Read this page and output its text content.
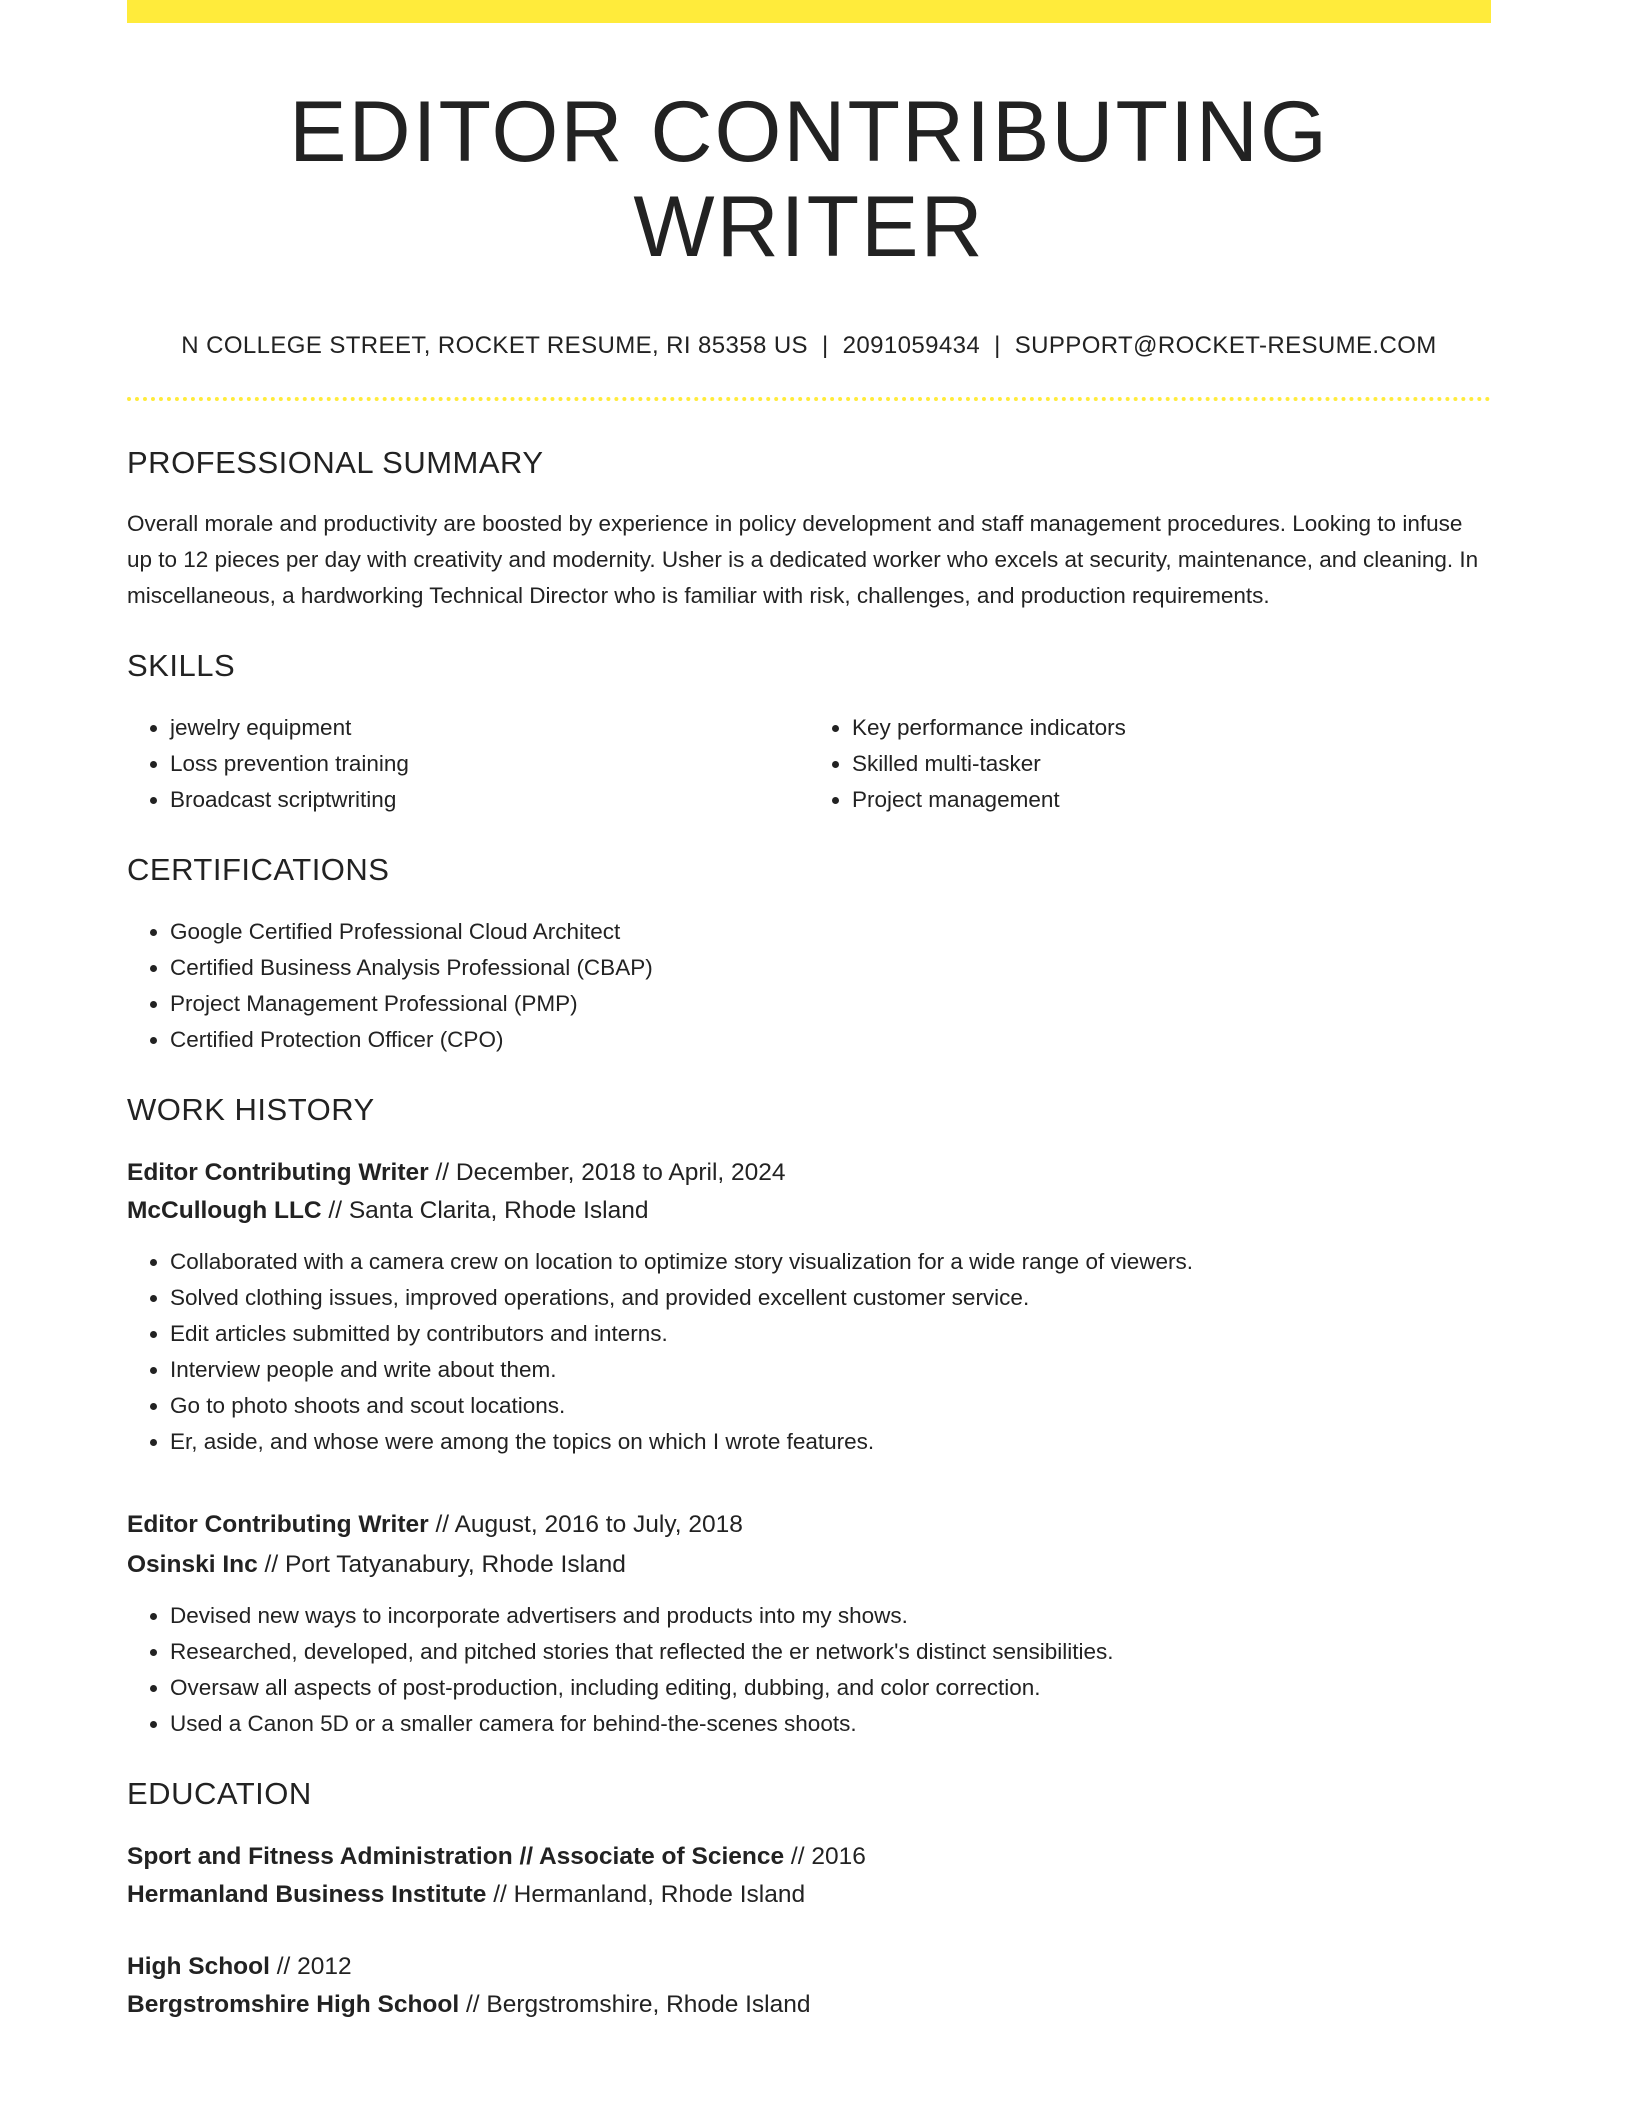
EDITOR CONTRIBUTING WRITER
N COLLEGE STREET, ROCKET RESUME, RI 85358 US | 2091059434 | SUPPORT@ROCKET-RESUME.COM
PROFESSIONAL SUMMARY
Overall morale and productivity are boosted by experience in policy development and staff management procedures. Looking to infuse up to 12 pieces per day with creativity and modernity. Usher is a dedicated worker who excels at security, maintenance, and cleaning. In miscellaneous, a hardworking Technical Director who is familiar with risk, challenges, and production requirements.
SKILLS
• jewelry equipment
• Loss prevention training
• Broadcast scriptwriting
• Key performance indicators
• Skilled multi-tasker
• Project management
CERTIFICATIONS
• Google Certified Professional Cloud Architect
• Certified Business Analysis Professional (CBAP)
• Project Management Professional (PMP)
• Certified Protection Officer (CPO)
WORK HISTORY
Editor Contributing Writer // December, 2018 to April, 2024
McCullough LLC // Santa Clarita, Rhode Island
• Collaborated with a camera crew on location to optimize story visualization for a wide range of viewers.
• Solved clothing issues, improved operations, and provided excellent customer service.
• Edit articles submitted by contributors and interns.
• Interview people and write about them.
• Go to photo shoots and scout locations.
• Er, aside, and whose were among the topics on which I wrote features.
Editor Contributing Writer // August, 2016 to July, 2018
Osinski Inc // Port Tatyanabury, Rhode Island
• Devised new ways to incorporate advertisers and products into my shows.
• Researched, developed, and pitched stories that reflected the er network's distinct sensibilities.
• Oversaw all aspects of post-production, including editing, dubbing, and color correction.
• Used a Canon 5D or a smaller camera for behind-the-scenes shoots.
EDUCATION
Sport and Fitness Administration // Associate of Science // 2016
Hermanland Business Institute // Hermanland, Rhode Island
High School // 2012
Bergstromshire High School // Bergstromshire, Rhode Island
